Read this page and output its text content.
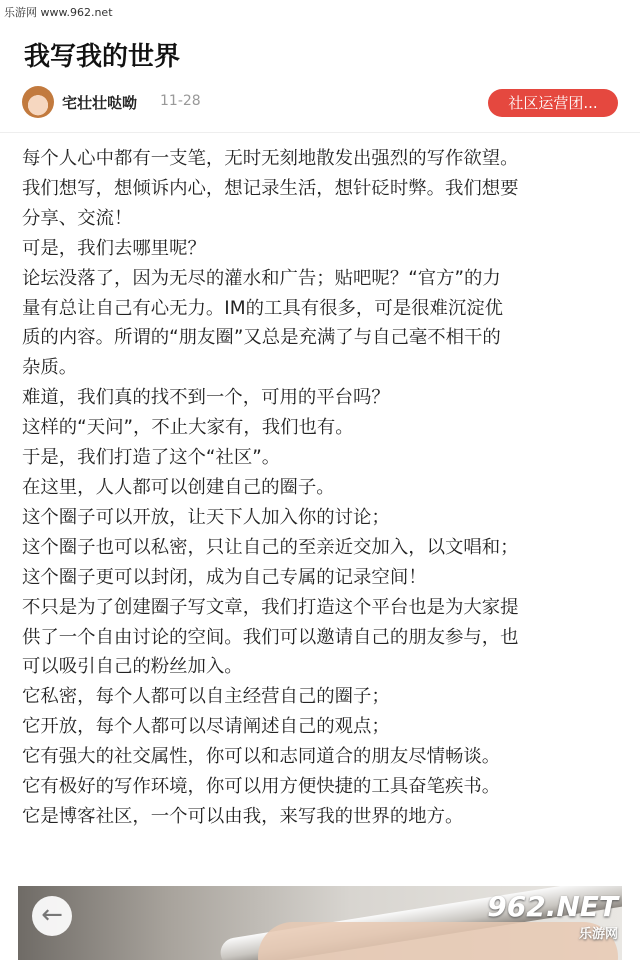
乐游网 www.962.net
我写我的世界
宅壮壮哒呦 11-28	社区运营团...
每个人心中都有一支笔，无时无刻地散发出强烈的写作欲望。
我们想写，想倾诉内心，想记录生活，想针砭时弊。我们想要
分享、交流！
可是，我们去哪里呢？
论坛没落了，因为无尽的灌水和广告；贴吧呢？“官方”的力
量有总让自己有心无力。IM的工具有很多，可是很难沉淀优
质的内容。所谓的“朋友圈”又总是充满了与自己毫不相干的
杂质。
难道，我们真的找不到一个，可用的平台吗？
这样的“天问”，不止大家有，我们也有。
于是，我们打造了这个“社区”。
在这里，人人都可以创建自己的圈子。
这个圈子可以开放，让天下人加入你的讨论；
这个圈子也可以私密，只让自己的至亲近交加入，以文唱和；
这个圈子更可以封闭，成为自己专属的记录空间！
不只是为了创建圈子写文章，我们打造这个平台也是为大家提
供了一个自由讨论的空间。我们可以邀请自己的朋友参与，也
可以吸引自己的粉丝加入。
它私密，每个人都可以自主经营自己的圈子；
它开放，每个人都可以尽请阐述自己的观点；
它有强大的社交属性，你可以和志同道合的朋友尽情畅谈。
它有极好的写作环境，你可以用方便快捷的工具奋笔疾书。
它是博客社区，一个可以由我，来写我的世界的地方。
←	962.NET
乐游网
